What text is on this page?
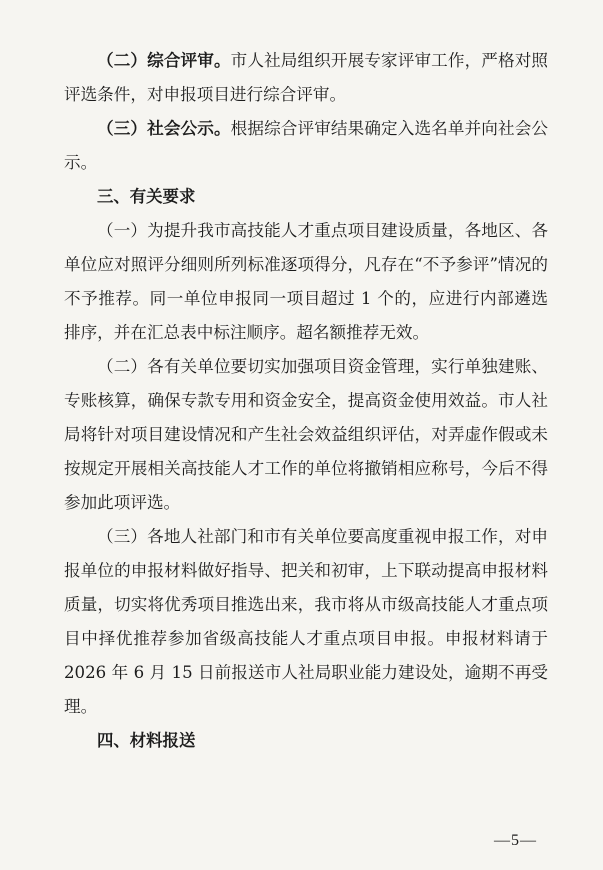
（二）综合评审。市人社局组织开展专家评审工作，严格对照评选条件，对申报项目进行综合评审。

（三）社会公示。根据综合评审结果确定入选名单并向社会公示。

三、有关要求

（一）为提升我市高技能人才重点项目建设质量，各地区、各单位应对照评分细则所列标准逐项得分，凡存在“不予参评”情况的不予推荐。同一单位申报同一项目超过 1 个的，应进行内部遴选排序，并在汇总表中标注顺序。超名额推荐无效。

（二）各有关单位要切实加强项目资金管理，实行单独建账、专账核算，确保专款专用和资金安全，提高资金使用效益。市人社局将针对项目建设情况和产生社会效益组织评估，对弄虚作假或未按规定开展相关高技能人才工作的单位将撤销相应称号，今后不得参加此项评选。

（三）各地人社部门和市有关单位要高度重视申报工作，对申报单位的申报材料做好指导、把关和初审，上下联动提高申报材料质量，切实将优秀项目推选出来，我市将从市级高技能人才重点项目中择优推荐参加省级高技能人才重点项目申报。申报材料请于 2026 年 6 月 15 日前报送市人社局职业能力建设处，逾期不再受理。

四、材料报送

—5—
